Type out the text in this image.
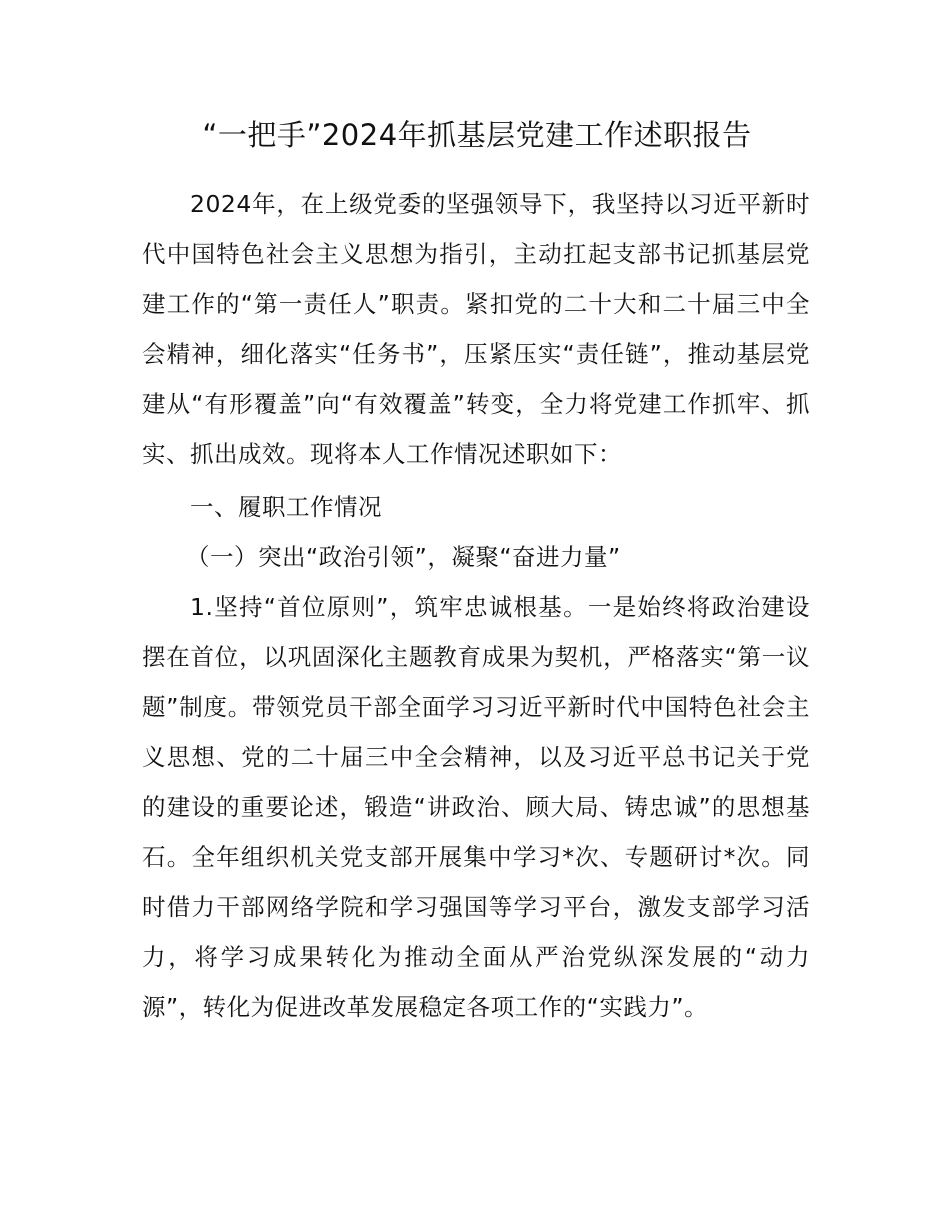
“一把手”2024年抓基层党建工作述职报告

2024年，在上级党委的坚强领导下，我坚持以习近平新时代中国特色社会主义思想为指引，主动扛起支部书记抓基层党建工作的“第一责任人”职责。紧扣党的二十大和二十届三中全会精神，细化落实“任务书”，压紧压实“责任链”，推动基层党建从“有形覆盖”向“有效覆盖”转变，全力将党建工作抓牢、抓实、抓出成效。现将本人工作情况述职如下：

一、履职工作情况

（一）突出“政治引领”，凝聚“奋进力量”

1.坚持“首位原则”，筑牢忠诚根基。一是始终将政治建设摆在首位，以巩固深化主题教育成果为契机，严格落实“第一议题”制度。带领党员干部全面学习习近平新时代中国特色社会主义思想、党的二十届三中全会精神，以及习近平总书记关于党的建设的重要论述，锻造“讲政治、顾大局、铸忠诚”的思想基石。全年组织机关党支部开展集中学习*次、专题研讨*次。同时借力干部网络学院和学习强国等学习平台，激发支部学习活力，将学习成果转化为推动全面从严治党纵深发展的“动力源”，转化为促进改革发展稳定各项工作的“实践力”。
